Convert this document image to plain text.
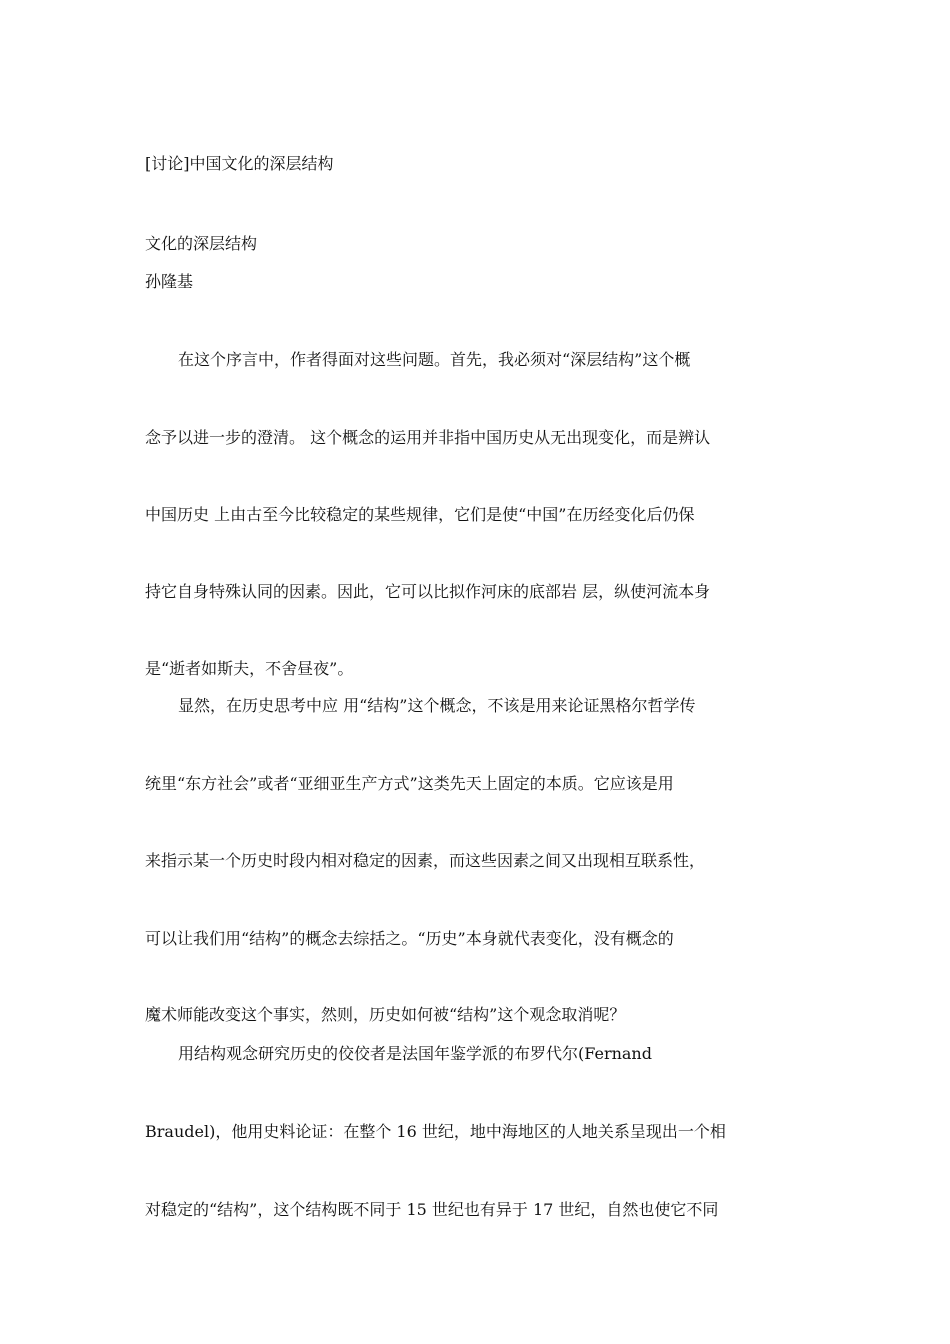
[讨论]中国文化的深层结构
文化的深层结构
孙隆基
在这个序言中，作者得面对这些问题。首先，我必须对“深层结构”这个概
念予以进一步的澄清。 这个概念的运用并非指中国历史从无出现变化，而是辨认
中国历史 上由古至今比较稳定的某些规律，它们是使“中国”在历经变化后仍保
持它自身特殊认同的因素。因此，它可以比拟作河床的底部岩 层，纵使河流本身
是“逝者如斯夫，不舍昼夜”。
显然，在历史思考中应 用“结构”这个概念，不该是用来论证黑格尔哲学传
统里“东方社会”或者“亚细亚生产方式”这类先天上固定的本质。它应该是用
来指示某一个历史时段内相对稳定的因素，而这些因素之间又出现相互联系性，
可以让我们用“结构”的概念去综括之。“历史”本身就代表变化，没有概念的
魔术师能改变这个事实，然则，历史如何被“结构”这个观念取消呢？
用结构观念研究历史的佼佼者是法国年鉴学派的布罗代尔(Fernand
Braudel)，他用史料论证：在整个 16 世纪，地中海地区的人地关系呈现出一个相
对稳定的“结构”，这个结构既不同于 15 世纪也有异于 17 世纪，自然也使它不同
